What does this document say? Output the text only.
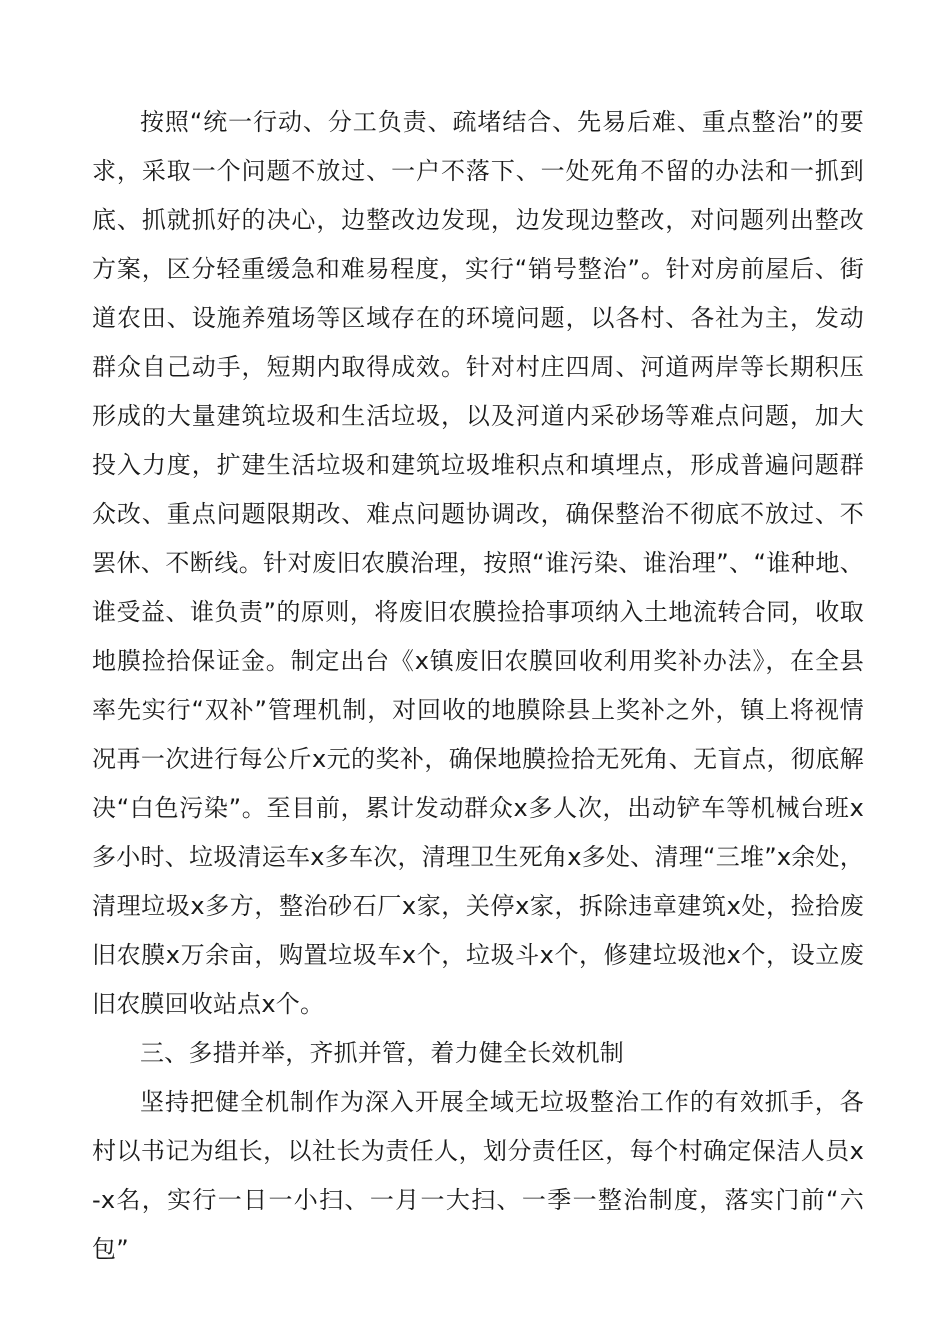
按照“统一行动、分工负责、疏堵结合、先易后难、重点整治”的要求，采取一个问题不放过、一户不落下、一处死角不留的办法和一抓到底、抓就抓好的决心，边整改边发现，边发现边整改，对问题列出整改方案，区分轻重缓急和难易程度，实行“销号整治”。针对房前屋后、街道农田、设施养殖场等区域存在的环境问题，以各村、各社为主，发动群众自己动手，短期内取得成效。针对村庄四周、河道两岸等长期积压形成的大量建筑垃圾和生活垃圾，以及河道内采砂场等难点问题，加大投入力度，扩建生活垃圾和建筑垃圾堆积点和填埋点，形成普遍问题群众改、重点问题限期改、难点问题协调改，确保整治不彻底不放过、不罢休、不断线。针对废旧农膜治理，按照“谁污染、谁治理”、“谁种地、谁受益、谁负责”的原则，将废旧农膜捡拾事项纳入土地流转合同，收取地膜捡拾保证金。制定出台《x镇废旧农膜回收利用奖补办法》，在全县率先实行“双补”管理机制，对回收的地膜除县上奖补之外，镇上将视情况再一次进行每公斤x元的奖补，确保地膜捡拾无死角、无盲点，彻底解决“白色污染”。至目前，累计发动群众x多人次，出动铲车等机械台班x多小时、垃圾清运车x多车次，清理卫生死角x多处、清理“三堆”x余处，清理垃圾x多方，整治砂石厂x家，关停x家，拆除违章建筑x处，捡拾废旧农膜x万余亩，购置垃圾车x个，垃圾斗x个，修建垃圾池x个，设立废旧农膜回收站点x个。

三、多措并举，齐抓并管，着力健全长效机制

坚持把健全机制作为深入开展全域无垃圾整治工作的有效抓手，各村以书记为组长，以社长为责任人，划分责任区，每个村确定保洁人员x-x名，实行一日一小扫、一月一大扫、一季一整治制度，落实门前“六包”
